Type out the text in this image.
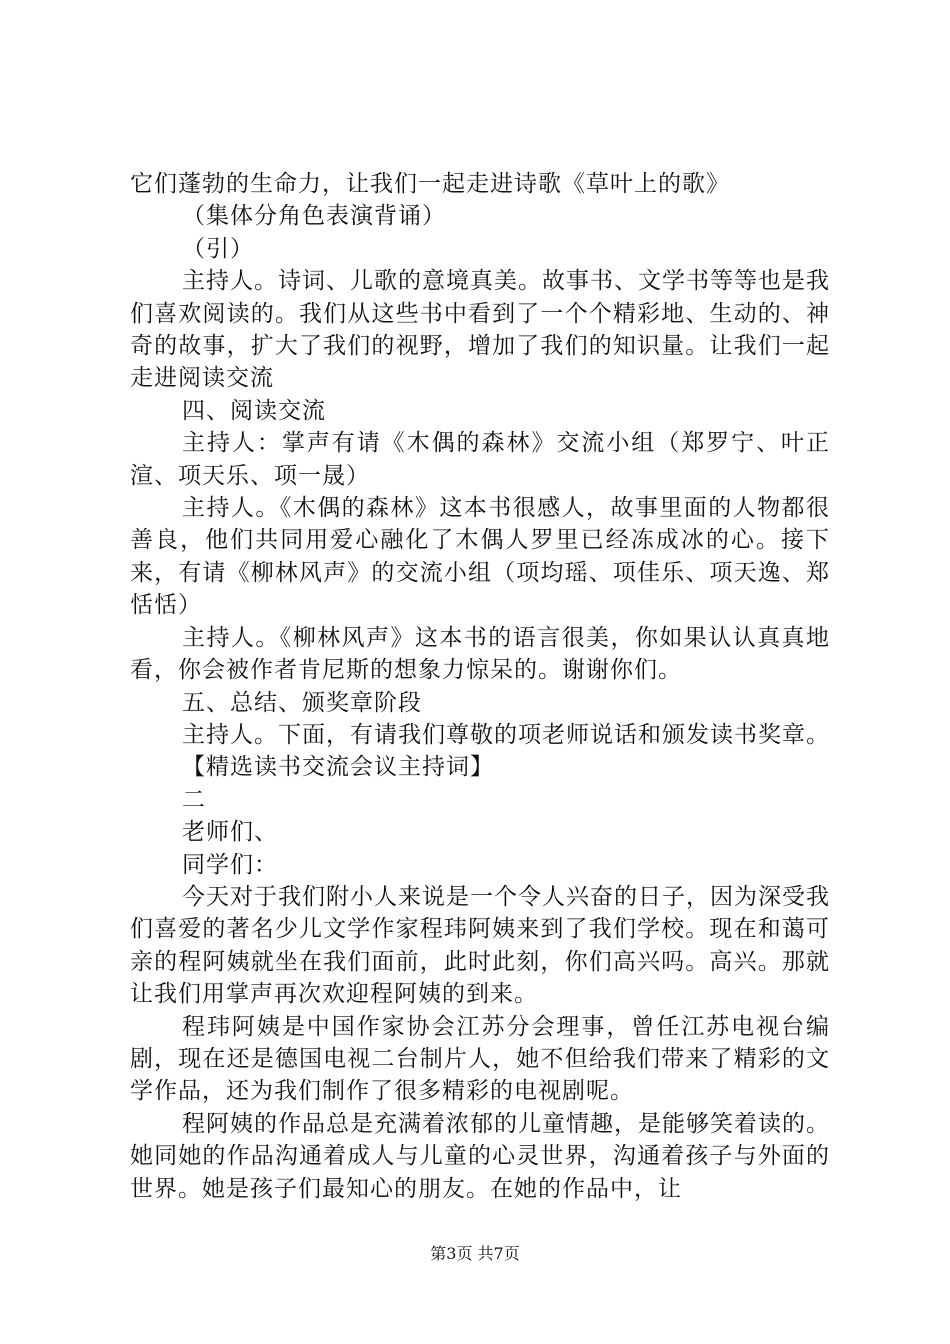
它们蓬勃的生命力，让我们一起走进诗歌《草叶上的歌》

（集体分角色表演背诵）

（引）

主持人。诗词、儿歌的意境真美。故事书、文学书等等也是我们喜欢阅读的。我们从这些书中看到了一个个精彩地、生动的、神奇的故事，扩大了我们的视野，增加了我们的知识量。让我们一起走进阅读交流

四、阅读交流

主持人：掌声有请《木偶的森林》交流小组（郑罗宁、叶正渲、项天乐、项一晟）

主持人。《木偶的森林》这本书很感人，故事里面的人物都很善良，他们共同用爱心融化了木偶人罗里已经冻成冰的心。接下来，有请《柳林风声》的交流小组（项均瑶、项佳乐、项天逸、郑恬恬）

主持人。《柳林风声》这本书的语言很美，你如果认认真真地看，你会被作者肯尼斯的想象力惊呆的。谢谢你们。

五、总结、颁奖章阶段

主持人。下面，有请我们尊敬的项老师说话和颁发读书奖章。

【精选读书交流会议主持词】

二

老师们、

同学们：

今天对于我们附小人来说是一个令人兴奋的日子，因为深受我们喜爱的著名少儿文学作家程玮阿姨来到了我们学校。现在和蔼可亲的程阿姨就坐在我们面前，此时此刻，你们高兴吗。高兴。那就让我们用掌声再次欢迎程阿姨的到来。

程玮阿姨是中国作家协会江苏分会理事，曾任江苏电视台编剧，现在还是德国电视二台制片人，她不但给我们带来了精彩的文学作品，还为我们制作了很多精彩的电视剧呢。

程阿姨的作品总是充满着浓郁的儿童情趣，是能够笑着读的。她同她的作品沟通着成人与儿童的心灵世界，沟通着孩子与外面的世界。她是孩子们最知心的朋友。在她的作品中，让

第3页 共7页
